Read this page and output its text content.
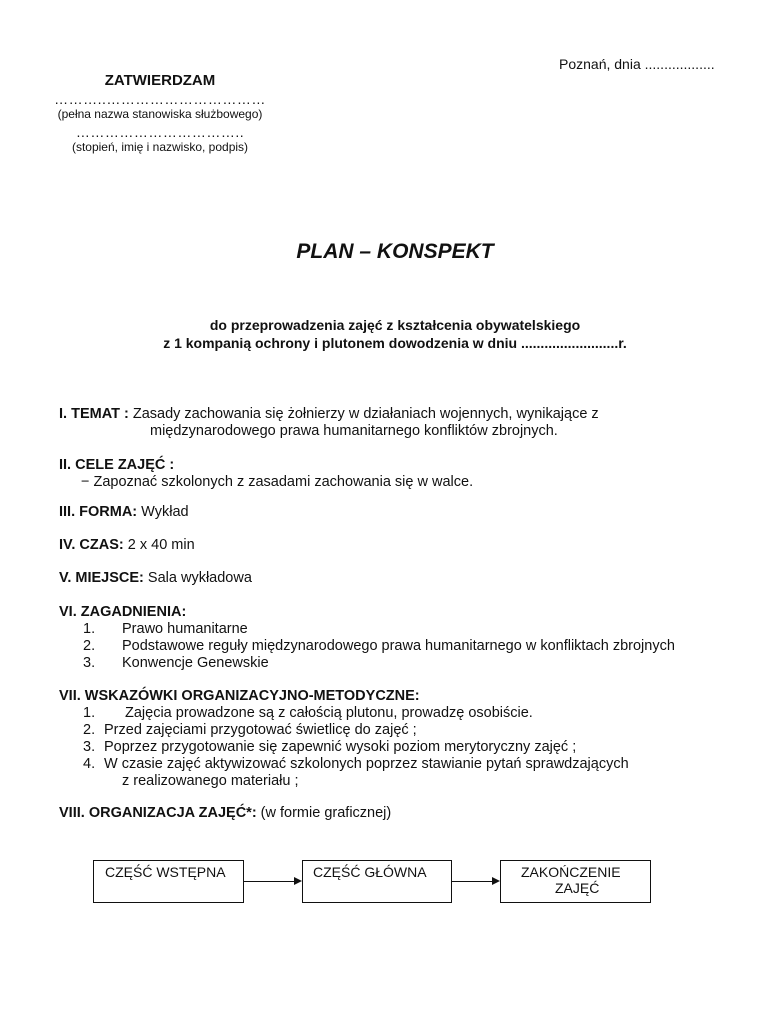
Poznań, dnia ..................
ZATWIERDZAM
………..……………………………
(pełna nazwa stanowiska służbowego)
……………………………..
(stopień, imię i nazwisko, podpis)
PLAN – KONSPEKT
do przeprowadzenia zajęć z kształcenia obywatelskiego
z 1 kompanią ochrony i plutonem dowodzenia w dniu .........................r.
I. TEMAT : Zasady zachowania się żołnierzy w działaniach wojennych, wynikające z
międzynarodowego prawa humanitarnego konfliktów zbrojnych.
II. CELE ZAJĘĆ :
− Zapoznać szkolonych z zasadami zachowania się w walce.
III. FORMA: Wykład
IV. CZAS: 2 x 40 min
V. MIEJSCE: Sala wykładowa
VI. ZAGADNIENIA:
1. Prawo humanitarne
2. Podstawowe reguły międzynarodowego prawa humanitarnego w konfliktach zbrojnych
3. Konwencje Genewskie
VII. WSKAZÓWKI ORGANIZACYJNO-METODYCZNE:
1. Zajęcia prowadzone są z całością plutonu, prowadzę osobiście.
2. Przed zajęciami przygotować świetlicę do zajęć ;
3. Poprzez przygotowanie się zapewnić wysoki poziom merytoryczny zajęć ;
4. W czasie zajęć aktywizować szkolonych poprzez stawianie pytań sprawdzających
z realizowanego materiału ;
VIII. ORGANIZACJA ZAJĘĆ*: (w formie graficznej)
CZĘŚĆ WSTĘPNA	CZĘŚĆ GŁÓWNA	ZAKOŃCZENIE
ZAJĘĆ
